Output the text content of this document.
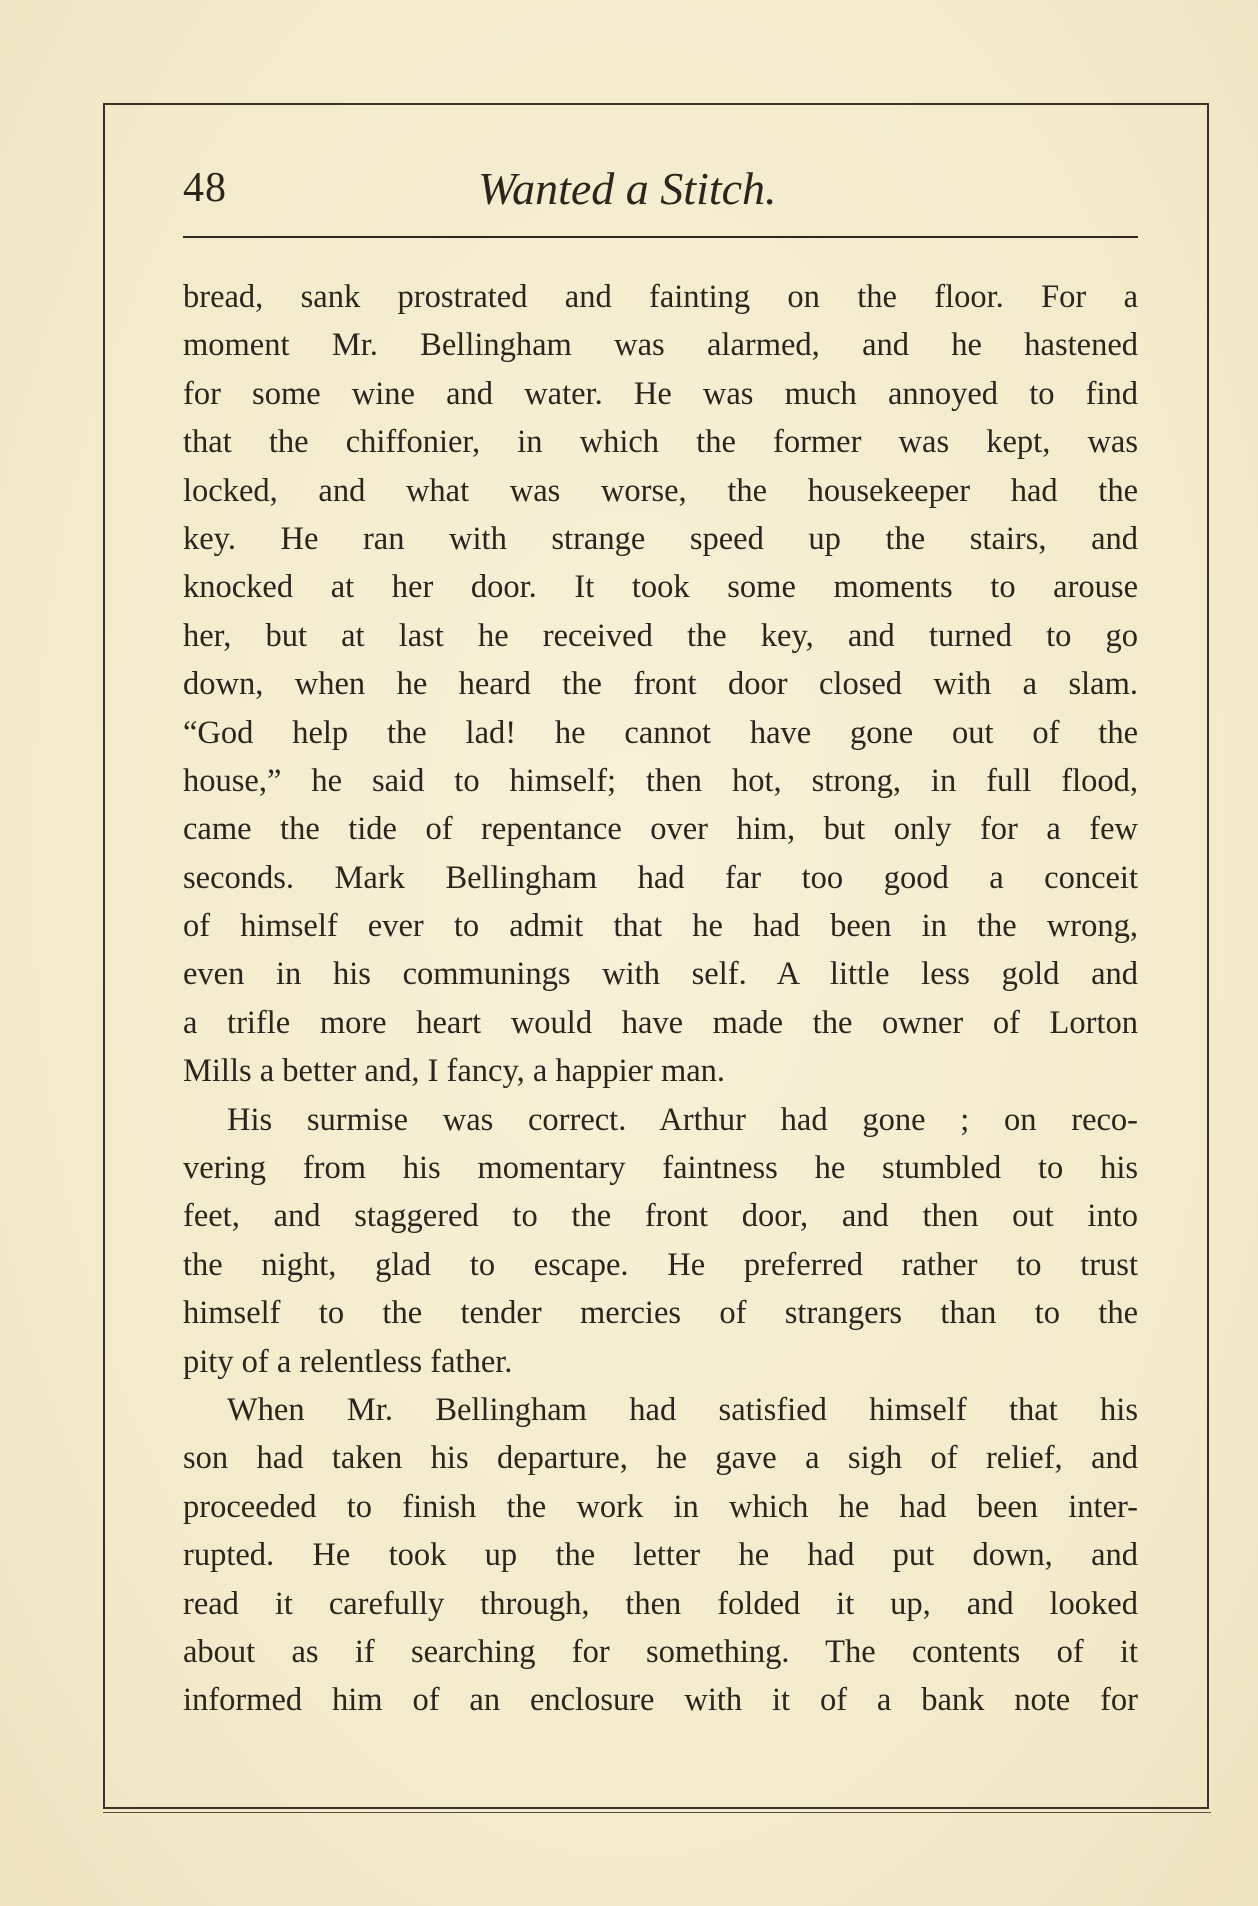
48	Wanted a Stitch.
bread, sank prostrated and fainting on the floor. For a
moment Mr. Bellingham was alarmed, and he hastened
for some wine and water. He was much annoyed to find
that the chiffonier, in which the former was kept, was
locked, and what was worse, the housekeeper had the
key. He ran with strange speed up the stairs, and
knocked at her door. It took some moments to arouse
her, but at last he received the key, and turned to go
down, when he heard the front door closed with a slam.
“God help the lad! he cannot have gone out of the
house,” he said to himself; then hot, strong, in full flood,
came the tide of repentance over him, but only for a few
seconds. Mark Bellingham had far too good a conceit
of himself ever to admit that he had been in the wrong,
even in his communings with self. A little less gold and
a trifle more heart would have made the owner of Lorton
Mills a better and, I fancy, a happier man.
His surmise was correct. Arthur had gone ; on reco-
vering from his momentary faintness he stumbled to his
feet, and staggered to the front door, and then out into
the night, glad to escape. He preferred rather to trust
himself to the tender mercies of strangers than to the
pity of a relentless father.
When Mr. Bellingham had satisfied himself that his
son had taken his departure, he gave a sigh of relief, and
proceeded to finish the work in which he had been inter-
rupted. He took up the letter he had put down, and
read it carefully through, then folded it up, and looked
about as if searching for something. The contents of it
informed him of an enclosure with it of a bank note for
